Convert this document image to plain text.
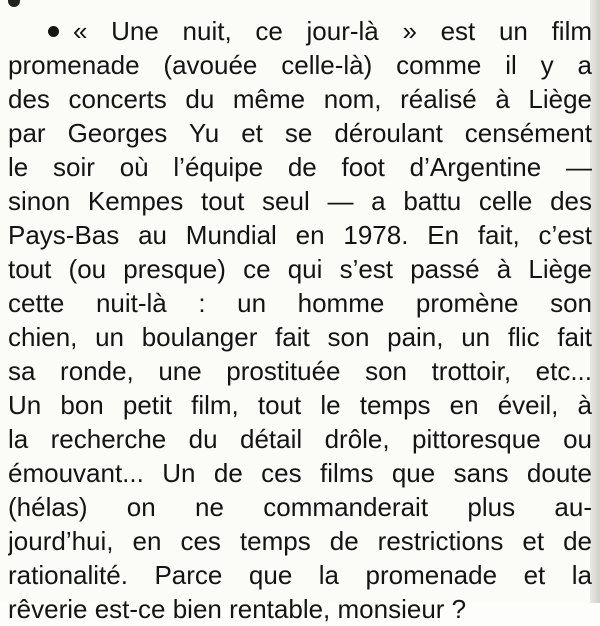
« Une nuit, ce jour-là » est un film
promenade (avouée celle-là) comme il y a
des concerts du même nom, réalisé à Liège
par Georges Yu et se déroulant censément
le soir où l’équipe de foot d’Argentine —
sinon Kempes tout seul — a battu celle des
Pays-Bas au Mundial en 1978. En fait, c’est
tout (ou presque) ce qui s’est passé à Liège
cette nuit-là : un homme promène son
chien, un boulanger fait son pain, un flic fait
sa ronde, une prostituée son trottoir, etc...
Un bon petit film, tout le temps en éveil, à
la recherche du détail drôle, pittoresque ou
émouvant... Un de ces films que sans doute
(hélas) on ne commanderait plus au-
jourd’hui, en ces temps de restrictions et de
rationalité. Parce que la promenade et la
rêverie est-ce bien rentable, monsieur ?
